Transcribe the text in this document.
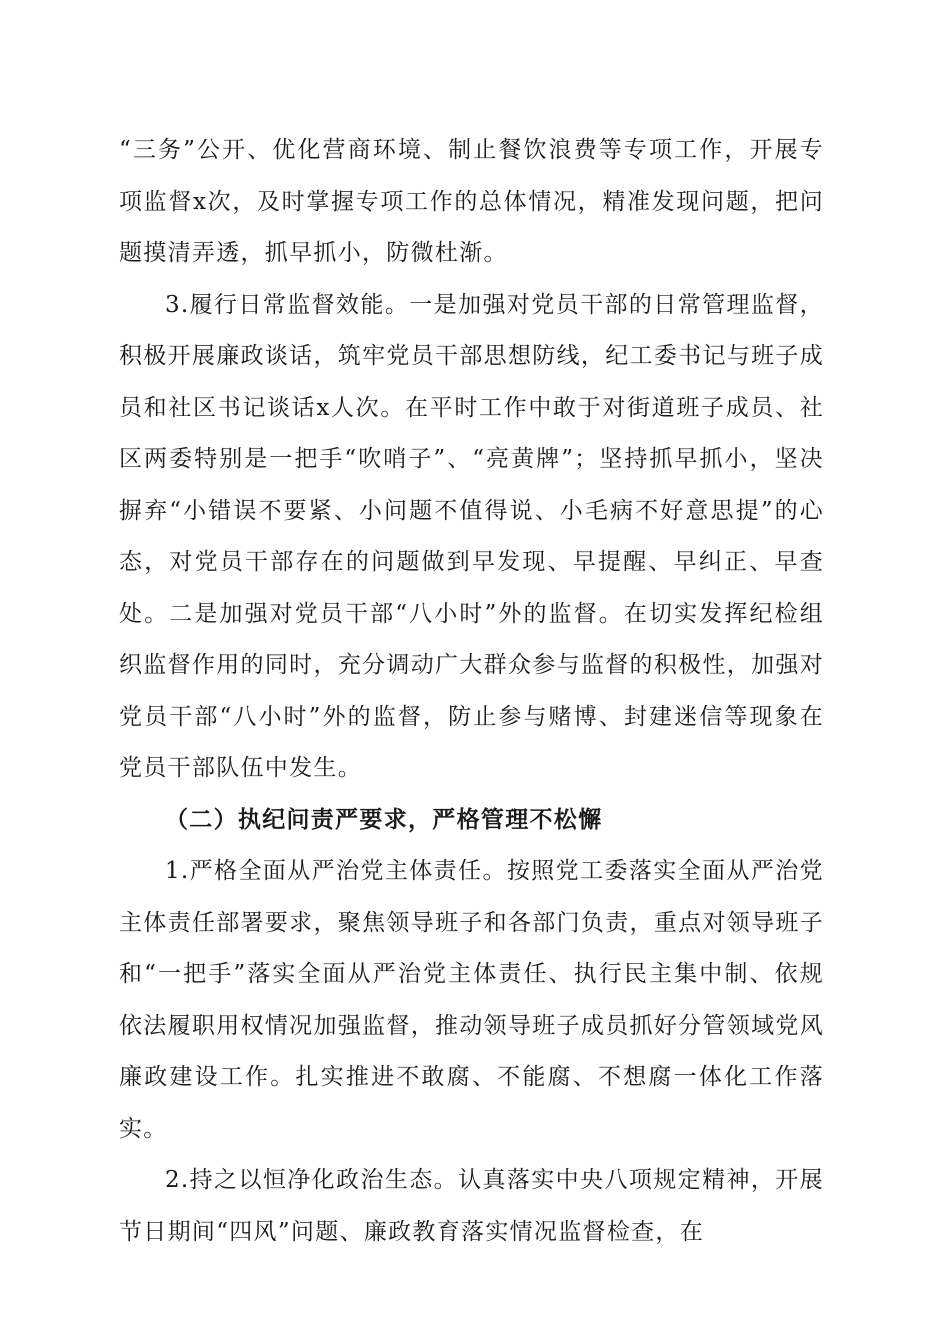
“三务”公开、优化营商环境、制止餐饮浪费等专项工作，开展专项监督x次，及时掌握专项工作的总体情况，精准发现问题，把问题摸清弄透，抓早抓小，防微杜渐。

3.履行日常监督效能。一是加强对党员干部的日常管理监督，积极开展廉政谈话，筑牢党员干部思想防线，纪工委书记与班子成员和社区书记谈话x人次。在平时工作中敢于对街道班子成员、社区两委特别是一把手“吹哨子”、“亮黄牌”；坚持抓早抓小，坚决摒弃“小错误不要紧、小问题不值得说、小毛病不好意思提”的心态，对党员干部存在的问题做到早发现、早提醒、早纠正、早查处。二是加强对党员干部“八小时”外的监督。在切实发挥纪检组织监督作用的同时，充分调动广大群众参与监督的积极性，加强对党员干部“八小时”外的监督，防止参与赌博、封建迷信等现象在党员干部队伍中发生。

（二）执纪问责严要求，严格管理不松懈

1.严格全面从严治党主体责任。按照党工委落实全面从严治党主体责任部署要求，聚焦领导班子和各部门负责，重点对领导班子和“一把手”落实全面从严治党主体责任、执行民主集中制、依规依法履职用权情况加强监督，推动领导班子成员抓好分管领域党风廉政建设工作。扎实推进不敢腐、不能腐、不想腐一体化工作落实。

2.持之以恒净化政治生态。认真落实中央八项规定精神，开展节日期间“四风”问题、廉政教育落实情况监督检查，在
